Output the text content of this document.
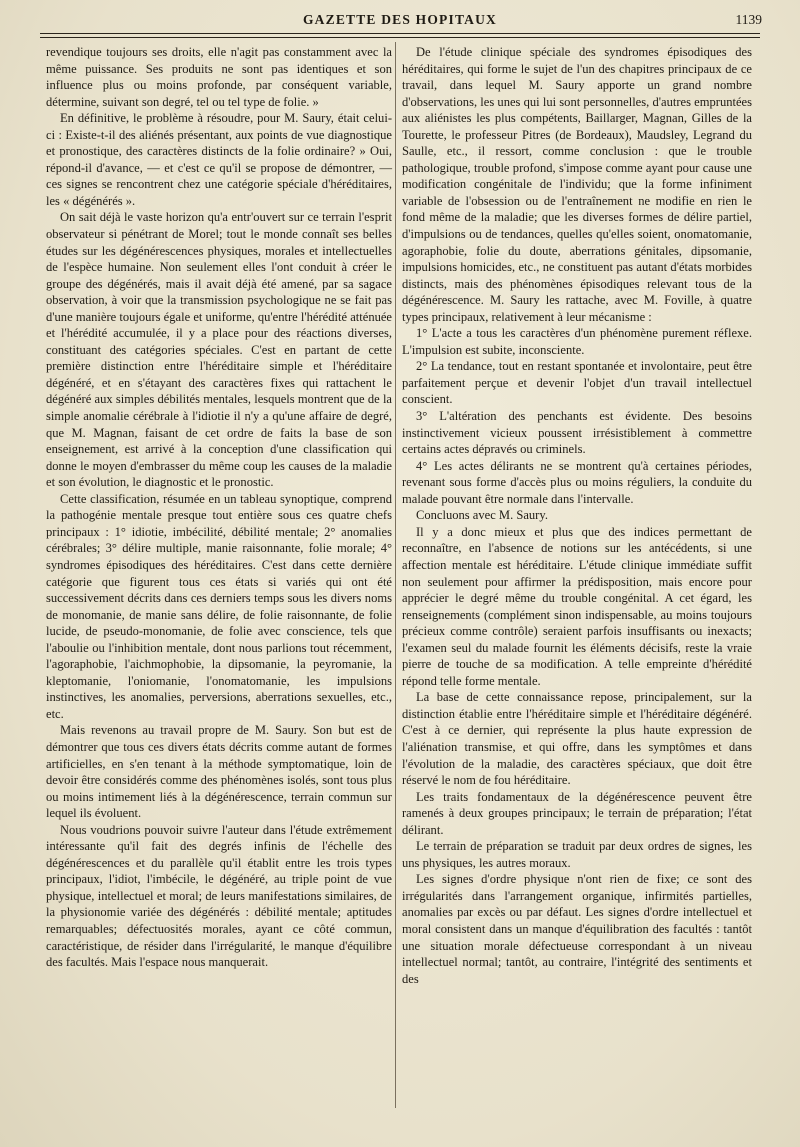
GAZETTE DES HOPITAUX	1139

revendique toujours ses droits, elle n'agit pas constamment avec la même puissance. Ses produits ne sont pas identiques et son influence plus ou moins profonde, par conséquent variable, détermine, suivant son degré, tel ou tel type de folie. »

En définitive, le problème à résoudre, pour M. Saury, était celui-ci : Existe-t-il des aliénés présentant, aux points de vue diagnostique et pronostique, des caractères distincts de la folie ordinaire? » Oui, répond-il d'avance, — et c'est ce qu'il se propose de démontrer, — ces signes se rencontrent chez une catégorie spéciale d'héréditaires, les « dégénérés ».

On sait déjà le vaste horizon qu'a entr'ouvert sur ce terrain l'esprit observateur si pénétrant de Morel; tout le monde connaît ses belles études sur les dégénérescences physiques, morales et intellectuelles de l'espèce humaine. Non seulement elles l'ont conduit à créer le groupe des dégénérés, mais il avait déjà été amené, par sa sagace observation, à voir que la transmission psychologique ne se fait pas d'une manière toujours égale et uniforme, qu'entre l'hérédité atténuée et l'hérédité accumulée, il y a place pour des réactions diverses, constituant des catégories spéciales. C'est en partant de cette première distinction entre l'héréditaire simple et l'héréditaire dégénéré, et en s'étayant des caractères fixes qui rattachent le dégénéré aux simples débilités mentales, lesquels montrent que de la simple anomalie cérébrale à l'idiotie il n'y a qu'une affaire de degré, que M. Magnan, faisant de cet ordre de faits la base de son enseignement, est arrivé à la conception d'une classification qui donne le moyen d'embrasser du même coup les causes de la maladie et son évolution, le diagnostic et le pronostic.

Cette classification, résumée en un tableau synoptique, comprend la pathogénie mentale presque tout entière sous ces quatre chefs principaux : 1° idiotie, imbécilité, débilité mentale; 2° anomalies cérébrales; 3° délire multiple, manie raisonnante, folie morale; 4° syndromes épisodiques des héréditaires. C'est dans cette dernière catégorie que figurent tous ces états si variés qui ont été successivement décrits dans ces derniers temps sous les divers noms de monomanie, de manie sans délire, de folie raisonnante, de folie lucide, de pseudo-monomanie, de folie avec conscience, tels que l'aboulie ou l'inhibition mentale, dont nous parlions tout récemment, l'agoraphobie, l'aichmophobie, la dipsomanie, la peyromanie, la kleptomanie, l'oniomanie, l'onomatomanie, les impulsions instinctives, les anomalies, perversions, aberrations sexuelles, etc., etc.

Mais revenons au travail propre de M. Saury. Son but est de démontrer que tous ces divers états décrits comme autant de formes artificielles, en s'en tenant à la méthode symptomatique, loin de devoir être considérés comme des phénomènes isolés, sont tous plus ou moins intimement liés à la dégénérescence, terrain commun sur lequel ils évoluent.

Nous voudrions pouvoir suivre l'auteur dans l'étude extrêmement intéressante qu'il fait des degrés infinis de l'échelle des dégénérescences et du parallèle qu'il établit entre les trois types principaux, l'idiot, l'imbécile, le dégénéré, au triple point de vue physique, intellectuel et moral; de leurs manifestations similaires, de la physionomie variée des dégénérés : débilité mentale; aptitudes remarquables; défectuosités morales, ayant ce côté commun, caractéristique, de résider dans l'irrégularité, le manque d'équilibre des facultés. Mais l'espace nous manquerait.

De l'étude clinique spéciale des syndromes épisodiques des héréditaires, qui forme le sujet de l'un des chapitres principaux de ce travail, dans lequel M. Saury apporte un grand nombre d'observations, les unes qui lui sont personnelles, d'autres empruntées aux aliénistes les plus compétents, Baillarger, Magnan, Gilles de la Tourette, le professeur Pitres (de Bordeaux), Maudsley, Legrand du Saulle, etc., il ressort, comme conclusion : que le trouble pathologique, trouble profond, s'impose comme ayant pour cause une modification congénitale de l'individu; que la forme infiniment variable de l'obsession ou de l'entraînement ne modifie en rien le fond même de la maladie; que les diverses formes de délire partiel, d'impulsions ou de tendances, quelles qu'elles soient, onomatomanie, agoraphobie, folie du doute, aberrations génitales, dipsomanie, impulsions homicides, etc., ne constituent pas autant d'états morbides distincts, mais des phénomènes épisodiques relevant tous de la dégénérescence. M. Saury les rattache, avec M. Foville, à quatre types principaux, relativement à leur mécanisme :

1° L'acte a tous les caractères d'un phénomène purement réflexe. L'impulsion est subite, inconsciente.

2° La tendance, tout en restant spontanée et involontaire, peut être parfaitement perçue et devenir l'objet d'un travail intellectuel conscient.

3° L'altération des penchants est évidente. Des besoins instinctivement vicieux poussent irrésistiblement à commettre certains actes dépravés ou criminels.

4° Les actes délirants ne se montrent qu'à certaines périodes, revenant sous forme d'accès plus ou moins réguliers, la conduite du malade pouvant être normale dans l'intervalle.

Concluons avec M. Saury.

Il y a donc mieux et plus que des indices permettant de reconnaître, en l'absence de notions sur les antécédents, si une affection mentale est héréditaire. L'étude clinique immédiate suffit non seulement pour affirmer la prédisposition, mais encore pour apprécier le degré même du trouble congénital. A cet égard, les renseignements (complément sinon indispensable, au moins toujours précieux comme contrôle) seraient parfois insuffisants ou inexacts; l'examen seul du malade fournit les éléments décisifs, reste la vraie pierre de touche de sa modification. A telle empreinte d'hérédité répond telle forme mentale.

La base de cette connaissance repose, principalement, sur la distinction établie entre l'héréditaire simple et l'héréditaire dégénéré. C'est à ce dernier, qui représente la plus haute expression de l'aliénation transmise, et qui offre, dans les symptômes et dans l'évolution de la maladie, des caractères spéciaux, que doit être réservé le nom de fou héréditaire.

Les traits fondamentaux de la dégénérescence peuvent être ramenés à deux groupes principaux; le terrain de préparation; l'état délirant.

Le terrain de préparation se traduit par deux ordres de signes, les uns physiques, les autres moraux.

Les signes d'ordre physique n'ont rien de fixe; ce sont des irrégularités dans l'arrangement organique, infirmités partielles, anomalies par excès ou par défaut. Les signes d'ordre intellectuel et moral consistent dans un manque d'équilibration des facultés : tantôt une situation morale défectueuse correspondant à un niveau intellectuel normal; tantôt, au contraire, l'intégrité des sentiments et des
